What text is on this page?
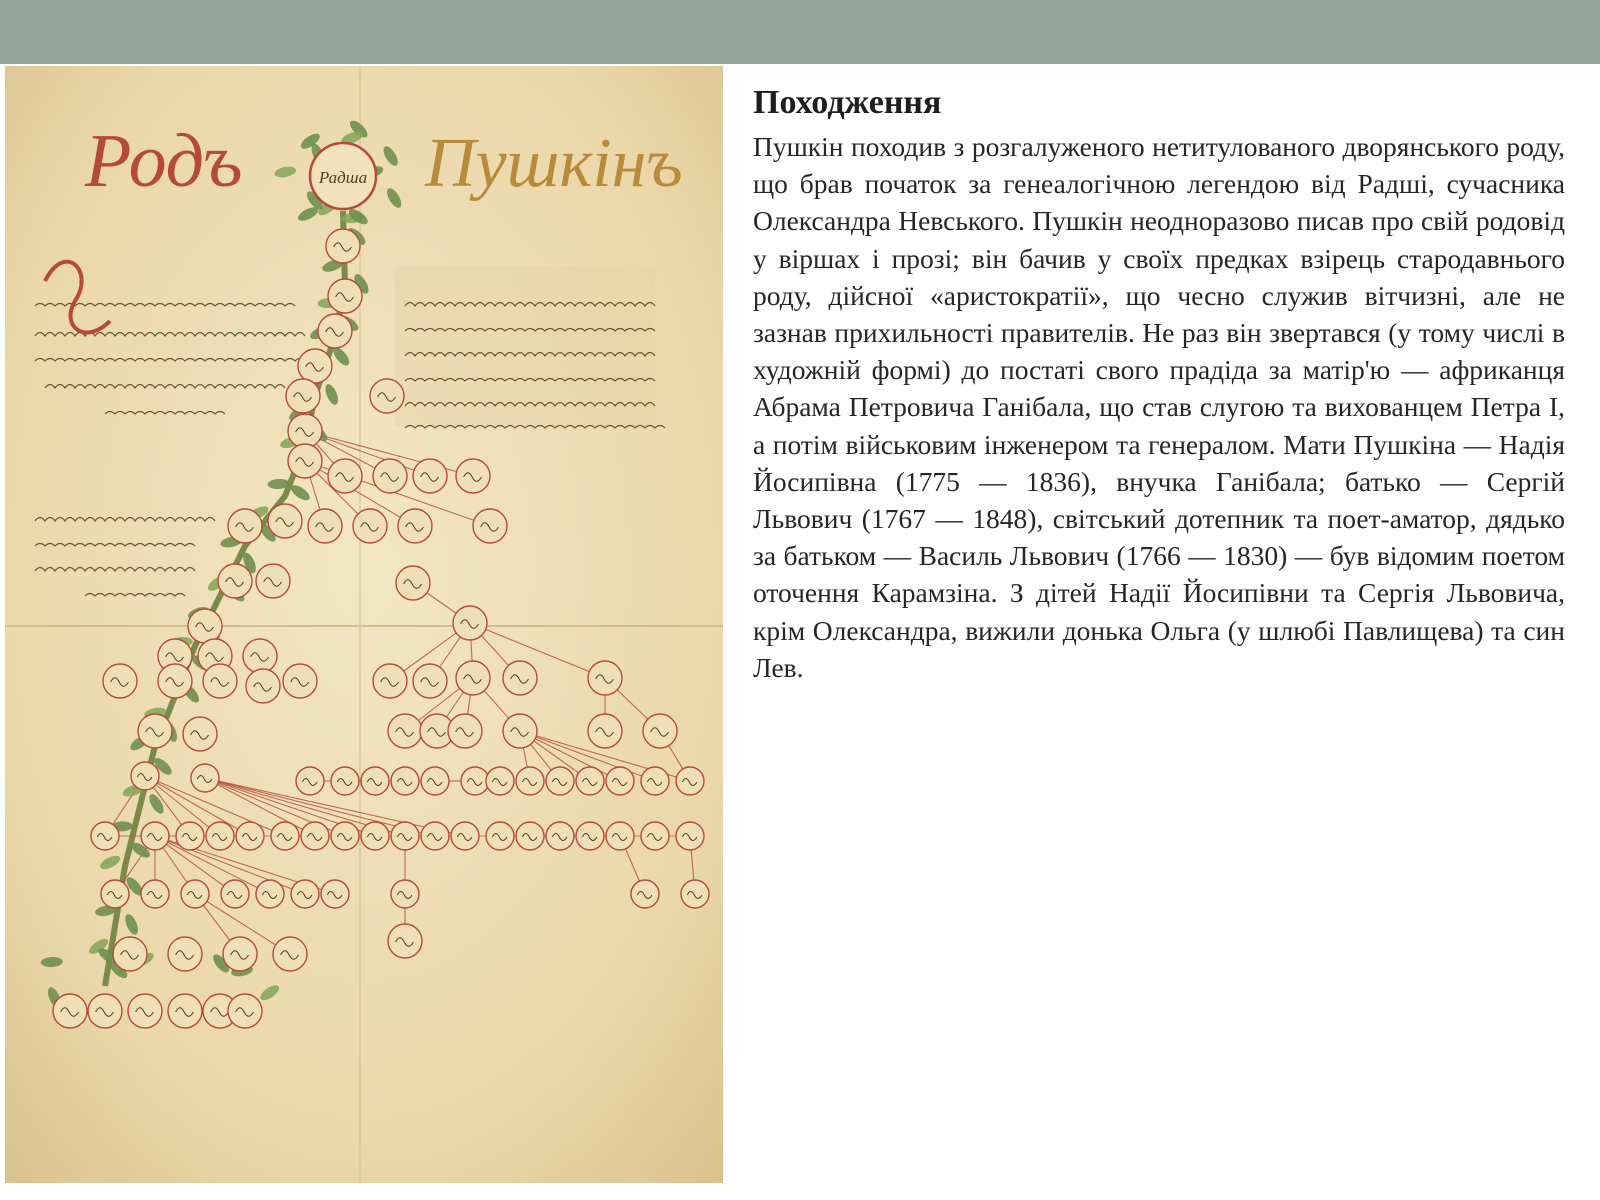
Родъ	Пушкінъ
Радша
Походження

Пушкін походив з розгалуженого нетитулованого дворянського роду, що брав початок за генеалогічною легендою від Радші, сучасника Олександра Невського. Пушкін неодноразово писав про свій родовід у віршах і прозі; він бачив у своїх предках взірець стародавнього роду, дійсної «аристократії», що чесно служив вітчизні, але не зазнав прихильності правителів. Не раз він звертався (у тому числі в художній формі) до постаті свого прадіда за матір'ю — африканця Абрама Петровича Ганібала, що став слугою та вихованцем Петра I, а потім військовим інженером та генералом. Мати Пушкіна — Надія Йосипівна (1775 — 1836), внучка Ганібала; батько — Сергій Львович (1767 — 1848), світський дотепник та поет-аматор, дядько за батьком — Василь Львович (1766 — 1830) — був відомим поетом оточення Карамзіна. З дітей Надії Йосипівни та Сергія Львовича, крім Олександра, вижили донька Ольга (у шлюбі Павлищева) та син Лев.
